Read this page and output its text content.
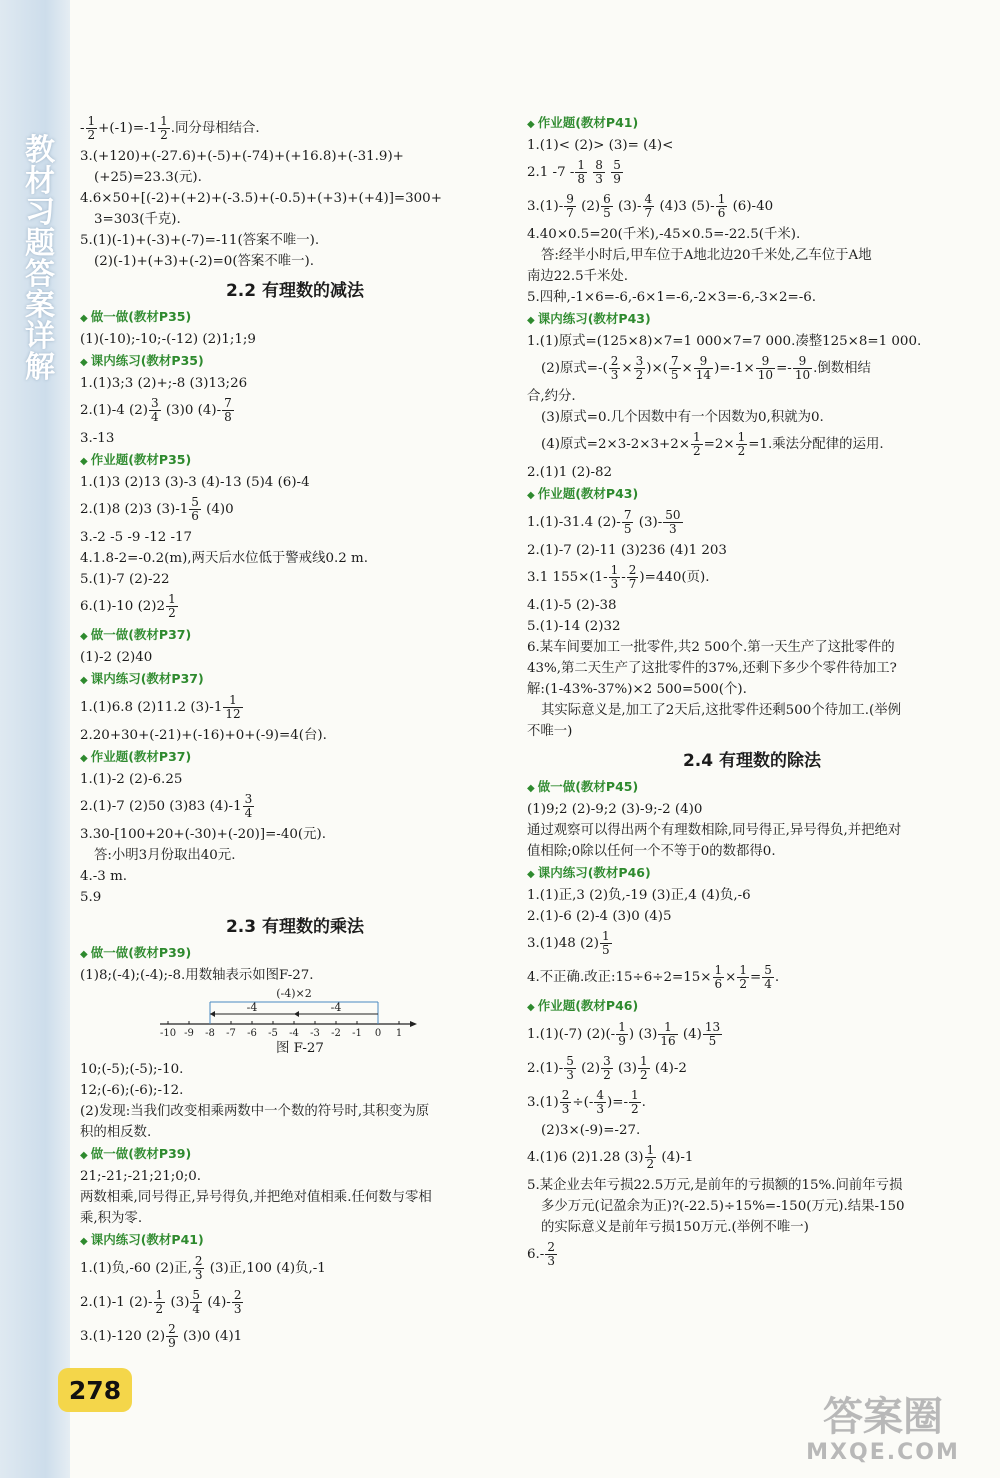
教材习题答案详解
- $\frac{1}{2} +(-1)=-1 \frac{1}{2}$ .同分母相结合.
3.(+120)+(-27.6)+(-5)+(-74)+(+16.8)+(-31.9)+
(+25)=23.3(元).
4.6×50+[(-2)+(+2)+(-3.5)+(-0.5)+(+3)+(+4)]=300+
3=303(千克).
5.(1)(-1)+(-3)+(-7)=-11(答案不唯一).
(2)(-1)+(+3)+(-2)=0(答案不唯一).
2.2 有理数的减法
◆ 做一做(教材P35)
(1)(-10);-10;-(-12) (2)1;1;9
◆ 课内练习(教材P35)
1.(1)3;3 (2)+;-8 (3)13;26
2.(1)-4 $(2) \frac{3}{4} (3)0$ $(4)- \frac{7}{8}$
3.-13
◆ 作业题(教材P35)
1.(1)3 (2)13 (3)-3 (4)-13 (5)4 (6)-4
2.(1)8 (2)3 $(3)-1 \frac{5}{6} (4)0$
3.-2 -5 -9 -12 -17
4.1.8-2=-0.2(m),两天后水位低于警戒线0.2 m.
5.(1)-7 (2)-22
6.(1)-10 $(2)2 \frac{1}{2}$
◆ 做一做(教材P37)
(1)-2 (2)40
◆ 课内练习(教材P37)
1.(1)6.8 (2)11.2 $(3)-1 \frac{1}{12}$
2.20+30+(-21)+(-16)+0+(-9)=4(台).
◆ 作业题(教材P37)
1.(1)-2 (2)-6.25
2.(1)-7 (2)50 (3)83 $(4)-1 \frac{3}{4}$
3.30-[100+20+(-30)+(-20)]=-40(元).
答:小明3月份取出40元.
4.-3 m.
5.9
2.3 有理数的乘法
◆ 做一做(教材P39)
(1)8;(-4);(-4);-8.用数轴表示如图F-27.
-10 -9 -8 -7 -6 -5 -4 -3 -2 -1 0 1
(-4)×2
-4
-4
图 F-27
10;(-5);(-5);-10.
12;(-6);(-6);-12.
(2)发现:当我们改变相乘两数中一个数的符号时,其积变为原
积的相反数.
◆ 做一做(教材P39)
21;-21;-21;21;0;0.
两数相乘,同号得正,异号得负,并把绝对值相乘.任何数与零相
乘,积为零.
◆ 课内练习(教材P41)
1.(1)负,-60 (2)正, $\frac{2}{3} (3)$正,100 (4)负,-1
2.(1)-1 $(2)- \frac{1}{2} (3) \frac{5}{4} (4)- \frac{2}{3}$
3.(1)-120 $(2) \frac{2}{9} (3)0$ (4)1
◆ 作业题(教材P41)
1.(1)< (2)> (3)= (4)<
2.1 $-7 - \frac{1}{8}$
$\frac{8}{3}$
$\frac{5}{9}$
$3.(1)- \frac{9}{7} (2) \frac{6}{5} (3)- \frac{4}{7} (4)3$ $(5)- \frac{1}{6} (6)-40$
4.40×0.5=20(千米),-45×0.5=-22.5(千米).
答:经半小时后,甲车位于A地北边20千米处,乙车位于A地
南边22.5千米处.
5.四种,-1×6=-6,-6×1=-6,-2×3=-6,-3×2=-6.
◆ 课内练习(教材P43)
1.(1)原式=(125×8)×7=1 000×7=7 000.凑整125×8=1 000.
(2)原式=-( $\frac{2}{3} \times \frac{3}{2}$ )×( $\frac{7}{5} \times \frac{9}{14} )=-1\times \frac{9}{10} =- \frac{9}{10}$ .倒数相结
合,约分.
(3)原式=0.几个因数中有一个因数为0,积就为0.
(4)原式$=2\times 3-2\times 3+2\times \frac{1}{2} =2\times \frac{1}{2} =1$.乘法分配律的运用.
2.(1)1 (2)-82
◆ 作业题(教材P43)
1.(1)-31.4 $(2)- \frac{7}{5} (3)- \frac{50}{3}$
2.(1)-7 (2)-11 (3)236 (4)1 203
3.1 $155\times(1- \frac{1}{3} - \frac{2}{7} )=440$(页).
4.(1)-5 (2)-38
5.(1)-14 (2)32
6.某车间要加工一批零件,共2 500个.第一天生产了这批零件的
43%,第二天生产了这批零件的37%,还剩下多少个零件待加工?
解:(1-43%-37%)×2 500=500(个).
其实际意义是,加工了2天后,这批零件还剩500个待加工.(举例
不唯一)
2.4 有理数的除法
◆ 做一做(教材P45)
(1)9;2 (2)-9;2 (3)-9;-2 (4)0
通过观察可以得出两个有理数相除,同号得正,异号得负,并把绝对
值相除;0除以任何一个不等于0的数都得0.
◆ 课内练习(教材P46)
1.(1)正,3 (2)负,-19 (3)正,4 (4)负,-6
2.(1)-6 (2)-4 (3)0 (4)5
3.(1)48 $(2) \frac{1}{5}$
4.不正确.改正:15÷6÷2=15× $\frac{1}{6} \times \frac{1}{2} = \frac{5}{4}$ .
◆ 作业题(教材P46)
1.(1)(-7) $(2)(- \frac{1}{9}$ ) $(3) \frac{1}{16} (4) \frac{13}{5}$
$2.(1)- \frac{5}{3} (2) \frac{3}{2} (3) \frac{1}{2} (4)-2$
$3.(1) \frac{2}{3}$ ÷(- $\frac{4}{3}$ )=- $\frac{1}{2}$ .
(2)3×(-9)=-27.
4.(1)6 (2)1.28 $(3) \frac{1}{2} (4)-1$
5.某企业去年亏损22.5万元,是前年的亏损额的15%.问前年亏损
多少万元(记盈余为正)?(-22.5)÷15%=-150(万元).结果-150
的实际意义是前年亏损150万元.(举例不唯一)
$6.- \frac{2}{3}$
278
答案圈
MXQE.COM
